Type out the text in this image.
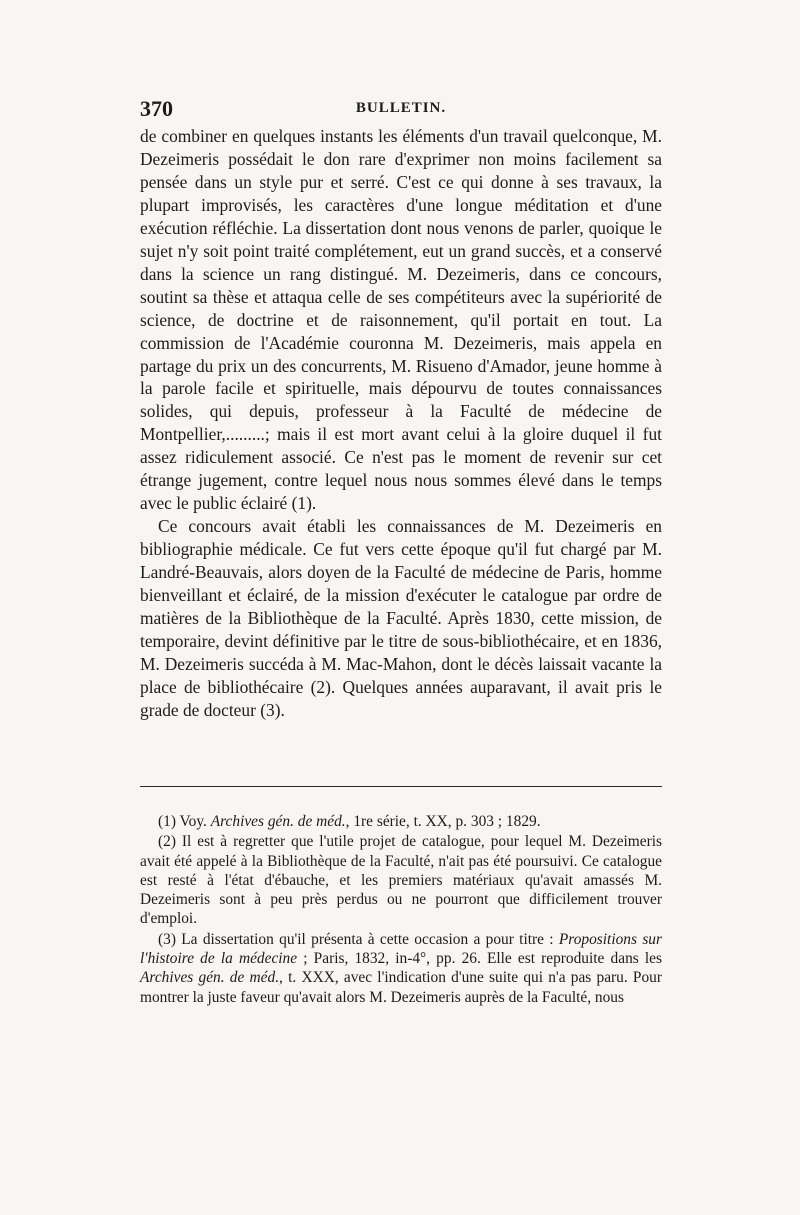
370	BULLETIN.

de combiner en quelques instants les éléments d'un travail quelconque, M. Dezeimeris possédait le don rare d'exprimer non moins facilement sa pensée dans un style pur et serré. C'est ce qui donne à ses travaux, la plupart improvisés, les caractères d'une longue méditation et d'une exécution réfléchie. La dissertation dont nous venons de parler, quoique le sujet n'y soit point traité complétement, eut un grand succès, et a conservé dans la science un rang distingué. M. Dezeimeris, dans ce concours, soutint sa thèse et attaqua celle de ses compétiteurs avec la supériorité de science, de doctrine et de raisonnement, qu'il portait en tout. La commission de l'Académie couronna M. Dezeimeris, mais appela en partage du prix un des concurrents, M. Risueno d'Amador, jeune homme à la parole facile et spirituelle, mais dépourvu de toutes connaissances solides, qui depuis, professeur à la Faculté de médecine de Montpellier,.........; mais il est mort avant celui à la gloire duquel il fut assez ridiculement associé. Ce n'est pas le moment de revenir sur cet étrange jugement, contre lequel nous nous sommes élevé dans le temps avec le public éclairé (1).

Ce concours avait établi les connaissances de M. Dezeimeris en bibliographie médicale. Ce fut vers cette époque qu'il fut chargé par M. Landré-Beauvais, alors doyen de la Faculté de médecine de Paris, homme bienveillant et éclairé, de la mission d'exécuter le catalogue par ordre de matières de la Bibliothèque de la Faculté. Après 1830, cette mission, de temporaire, devint définitive par le titre de sous-bibliothécaire, et en 1836, M. Dezeimeris succéda à M. Mac-Mahon, dont le décès laissait vacante la place de bibliothécaire (2). Quelques années auparavant, il avait pris le grade de docteur (3).

(1) Voy. Archives gén. de méd., 1re série, t. XX, p. 303 ; 1829.

(2) Il est à regretter que l'utile projet de catalogue, pour lequel M. Dezeimeris avait été appelé à la Bibliothèque de la Faculté, n'ait pas été poursuivi. Ce catalogue est resté à l'état d'ébauche, et les premiers matériaux qu'avait amassés M. Dezeimeris sont à peu près perdus ou ne pourront que difficilement trouver d'emploi.

(3) La dissertation qu'il présenta à cette occasion a pour titre : Propositions sur l'histoire de la médecine ; Paris, 1832, in-4°, pp. 26. Elle est reproduite dans les Archives gén. de méd., t. XXX, avec l'indication d'une suite qui n'a pas paru. Pour montrer la juste faveur qu'avait alors M. Dezeimeris auprès de la Faculté, nous
